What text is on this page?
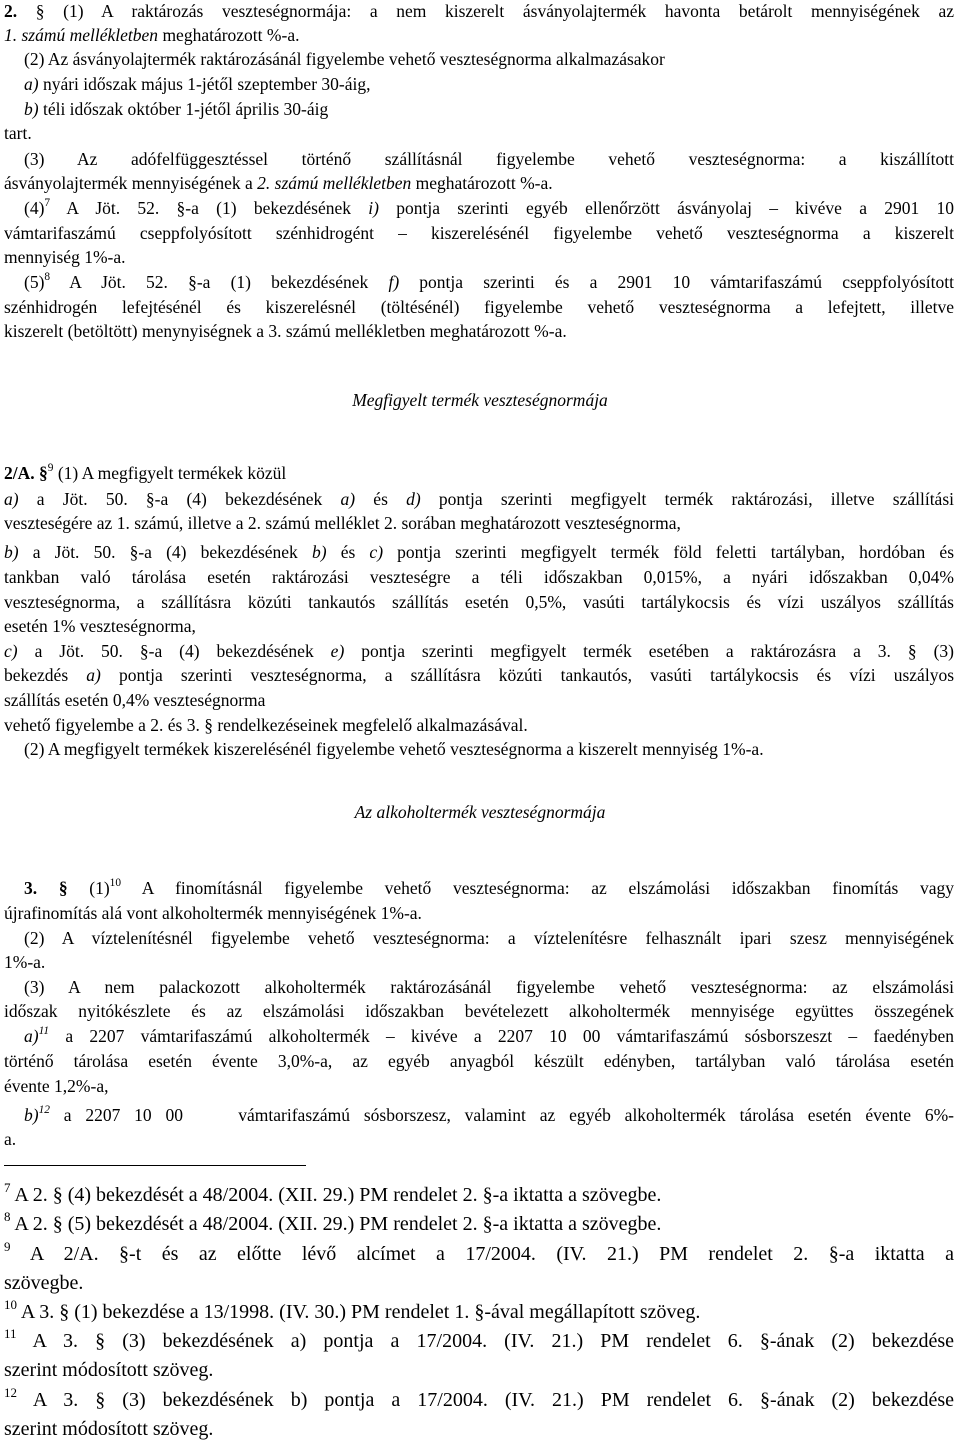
2. § (1) A raktározás veszteségnormája: a nem kiszerelt ásványolajtermék havonta betárolt mennyiségének az
1. számú mellékletben meghatározott %-a.
(2) Az ásványolajtermék raktározásánál figyelembe vehető veszteségnorma alkalmazásakor
a) nyári időszak május 1-jétől szeptember 30-áig,
b) téli időszak október 1-jétől április 30-áig
tart.
(3) Az adófelfüggesztéssel történő szállításnál figyelembe vehető veszteségnorma: a kiszállított
ásványolajtermék mennyiségének a 2. számú mellékletben meghatározott %-a.
$(4)^7$ A Jöt. 52. §-a (1) bekezdésének i) pontja szerinti egyéb ellenőrzött ásványolaj – kivéve a 2901 10
vámtarifaszámú cseppfolyósított szénhidrogént – kiszerelésénél figyelembe vehető veszteségnorma a kiszerelt
mennyiség 1%-a.
$(5)^8$ A Jöt. 52. §-a (1) bekezdésének f) pontja szerinti és a 2901 10 vámtarifaszámú cseppfolyósított
szénhidrogén lefejtésénél és kiszerelésnél (töltésénél) figyelembe vehető veszteségnorma a lefejtett, illetve
kiszerelt (betöltött) menynyiségnek a 3. számú mellékletben meghatározott %-a.
Megfigyelt termék veszteségnormája
2/A. §$^9$ (1) A megfigyelt termékek közül
a) a Jöt. 50. §-a (4) bekezdésének a) és d) pontja szerinti megfigyelt termék raktározási, illetve szállítási
veszteségére az 1. számú, illetve a 2. számú melléklet 2. sorában meghatározott veszteségnorma,
b) a Jöt. 50. §-a (4) bekezdésének b) és c) pontja szerinti megfigyelt termék föld feletti tartályban, hordóban és
tankban való tárolása esetén raktározási veszteségre a téli időszakban 0,015%, a nyári időszakban 0,04%
veszteségnorma, a szállításra közúti tankautós szállítás esetén 0,5%, vasúti tartálykocsis és vízi uszályos szállítás
esetén 1% veszteségnorma,
c) a Jöt. 50. §-a (4) bekezdésének e) pontja szerinti megfigyelt termék esetében a raktározásra a 3. § (3)
bekezdés a) pontja szerinti veszteségnorma, a szállításra közúti tankautós, vasúti tartálykocsis és vízi uszályos
szállítás esetén 0,4% veszteségnorma
vehető figyelembe a 2. és 3. § rendelkezéseinek megfelelő alkalmazásával.
(2) A megfigyelt termékek kiszerelésénél figyelembe vehető veszteségnorma a kiszerelt mennyiség 1%-a.
Az alkoholtermék veszteségnormája
3. § $(1)^{10}$ A finomításnál figyelembe vehető veszteségnorma: az elszámolási időszakban finomítás vagy
újrafinomítás alá vont alkoholtermék mennyiségének 1%-a.
(2) A víztelenítésnél figyelembe vehető veszteségnorma: a víztelenítésre felhasznált ipari szesz mennyiségének
1%-a.
(3) A nem palackozott alkoholtermék raktározásánál figyelembe vehető veszteségnorma: az elszámolási
időszak nyitókészlete és az elszámolási időszakban bevételezett alkoholtermék mennyisége együttes összegének
a)$^{11}$ a 2207 vámtarifaszámú alkoholtermék – kivéve a 2207 10 00 vámtarifaszámú sósborszeszt – faedényben
történő tárolása esetén évente 3,0%-a, az egyéb anyagból készült edényben, tartályban való tárolása esetén
évente 1,2%-a,
b)$^{12}$ a 2207 10 00    vámtarifaszámú sósborszesz, valamint az egyéb alkoholtermék tárolása esetén évente 6%-
a.
$^7$ A 2. § (4) bekezdését a 48/2004. (XII. 29.) PM rendelet 2. §-a iktatta a szövegbe.
$^8$ A 2. § (5) bekezdését a 48/2004. (XII. 29.) PM rendelet 2. §-a iktatta a szövegbe.
$^9$ A 2/A. §-t és az előtte lévő alcímet a 17/2004. (IV. 21.) PM rendelet 2. §-a iktatta a
szövegbe.
$^{10}$ A 3. § (1) bekezdése a 13/1998. (IV. 30.) PM rendelet 1. §-ával megállapított szöveg.
$^{11}$ A 3. § (3) bekezdésének a) pontja a 17/2004. (IV. 21.) PM rendelet 6. §-ának (2) bekezdése
szerint módosított szöveg.
$^{12}$ A 3. § (3) bekezdésének b) pontja a 17/2004. (IV. 21.) PM rendelet 6. §-ának (2) bekezdése
szerint módosított szöveg.
